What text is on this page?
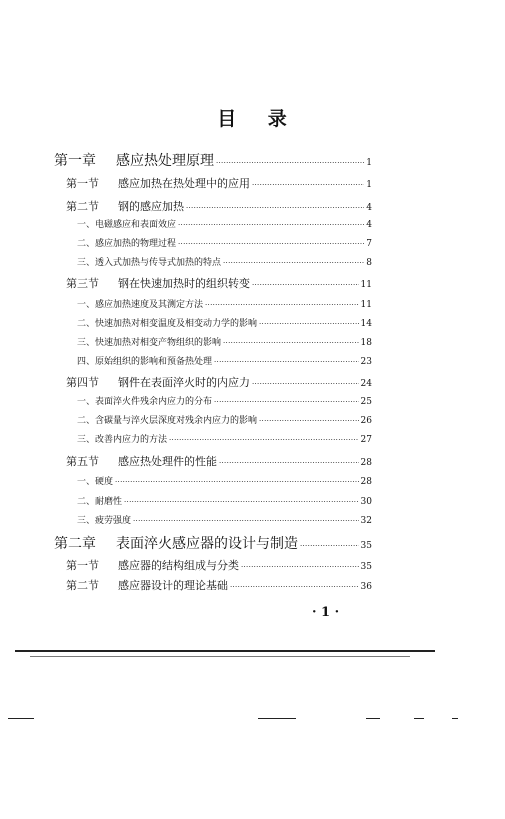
目    录
第一章	感应热处理原理 ·····	1
第一节	感应加热在热处理中的应用 ·····	1
第二节	钢的感应加热 ·····	4
一、电磁感应和表面效应 ·····	4
二、感应加热的物理过程 ·····	7
三、透入式加热与传导式加热的特点 ·····	8
第三节	钢在快速加热时的组织转变 ·····	11
一、感应加热速度及其测定方法 ·····	11
二、快速加热对相变温度及相变动力学的影响 ·····	14
三、快速加热对相变产物组织的影响 ·····	18
四、原始组织的影响和预备热处理 ·····	23
第四节	钢件在表面淬火时的内应力 ·····	24
一、表面淬火件残余内应力的分布 ·····	25
二、含碳量与淬火层深度对残余内应力的影响 ·····	26
三、改善内应力的方法 ·····	27
第五节	感应热处理件的性能 ·····	28
一、硬度 ·····	28
二、耐磨性 ·····	30
三、疲劳强度 ·····	32
第二章	表面淬火感应器的设计与制造 ·····	35
第一节	感应器的结构组成与分类 ·····	35
第二节	感应器设计的理论基础 ·····	36
· 1 ·
